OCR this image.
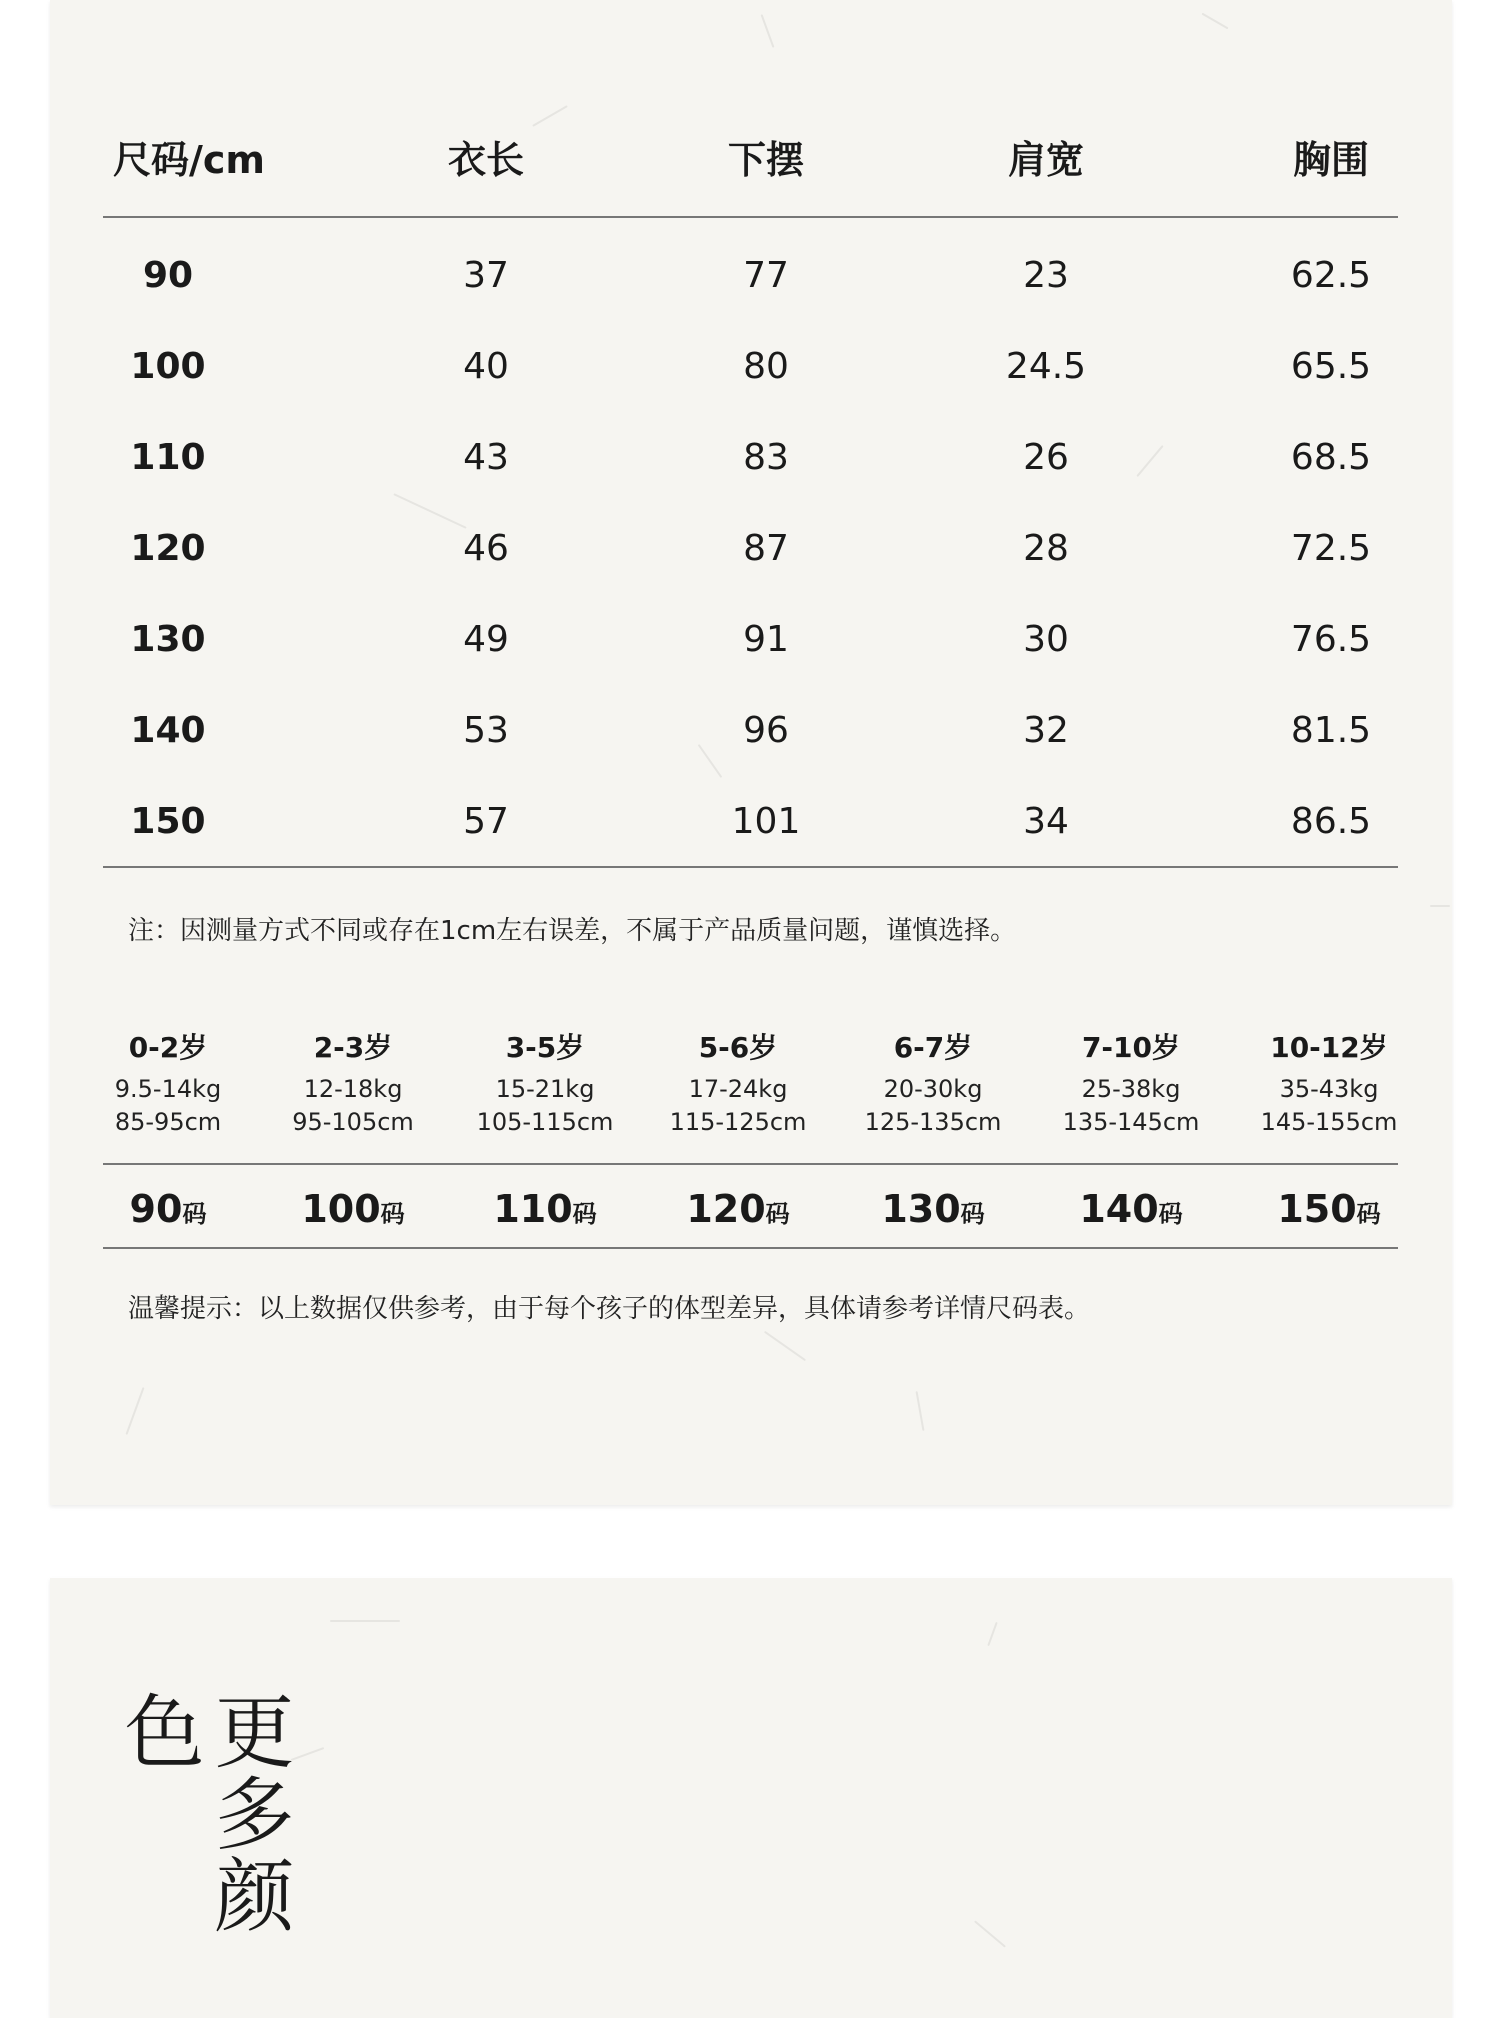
尺码/cm	衣长	下摆	肩宽	胸围
90	37	77	23	62.5
100	40	80	24.5	65.5
110	43	83	26	68.5
120	46	87	28	72.5
130	49	91	30	76.5
140	53	96	32	81.5
150	57	101	34	86.5
注：因测量方式不同或存在1cm左右误差，不属于产品质量问题，谨慎选择。
0-2岁
9.5-14kg
85-95cm
2-3岁
12-18kg
95-105cm
3-5岁
15-21kg
105-115cm
5-6岁
17-24kg
115-125cm
6-7岁
20-30kg
125-135cm
7-10岁
25-38kg
135-145cm
10-12岁
35-43kg
145-155cm
90码	100码	110码	120码	130码	140码	150码
温馨提示：以上数据仅供参考，由于每个孩子的体型差异，具体请参考详情尺码表。
更多颜色
